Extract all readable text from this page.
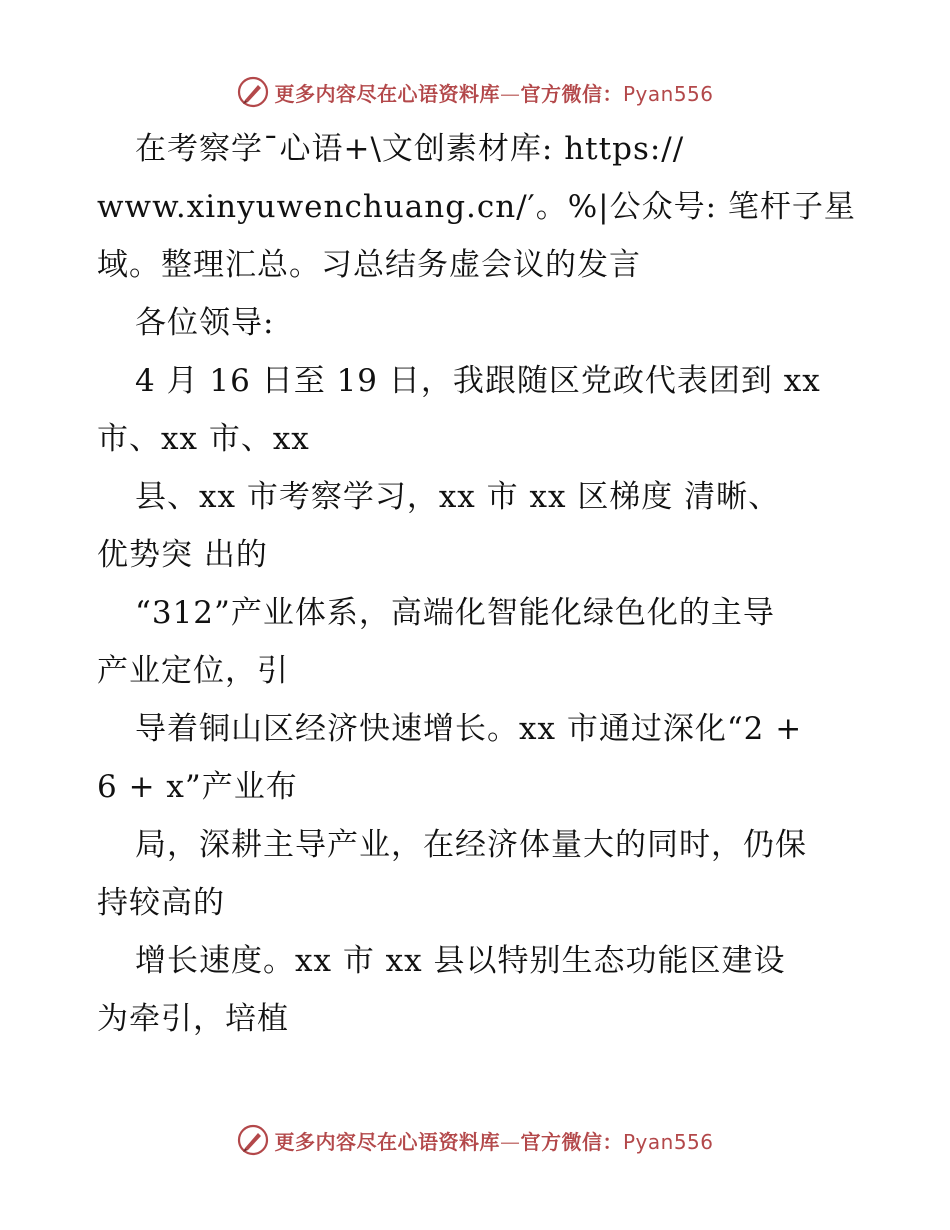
更多内容尽在心语资料库—官方微信：Pyan556
在考察学¯心语+\文创素材库: https://
www.xinyuwenchuang.cn/′。%|公众号: 笔杆子星
域。整理汇总。习总结务虚会议的发言
各位领导:
4 月 16 日至 19 日，我跟随区党政代表团到 xx
市、xx 市、xx
县、xx 市考察学习，xx 市 xx 区梯度 清晰、
优势突 出的
“312”产业体系，高端化智能化绿色化的主导
产业定位，引
导着铜山区经济快速增长。xx 市通过深化“2 +
6 + x”产业布
局，深耕主导产业，在经济体量大的同时，仍保
持较高的
增长速度。xx 市 xx 县以特别生态功能区建设
为牵引，培植
更多内容尽在心语资料库—官方微信：Pyan556
